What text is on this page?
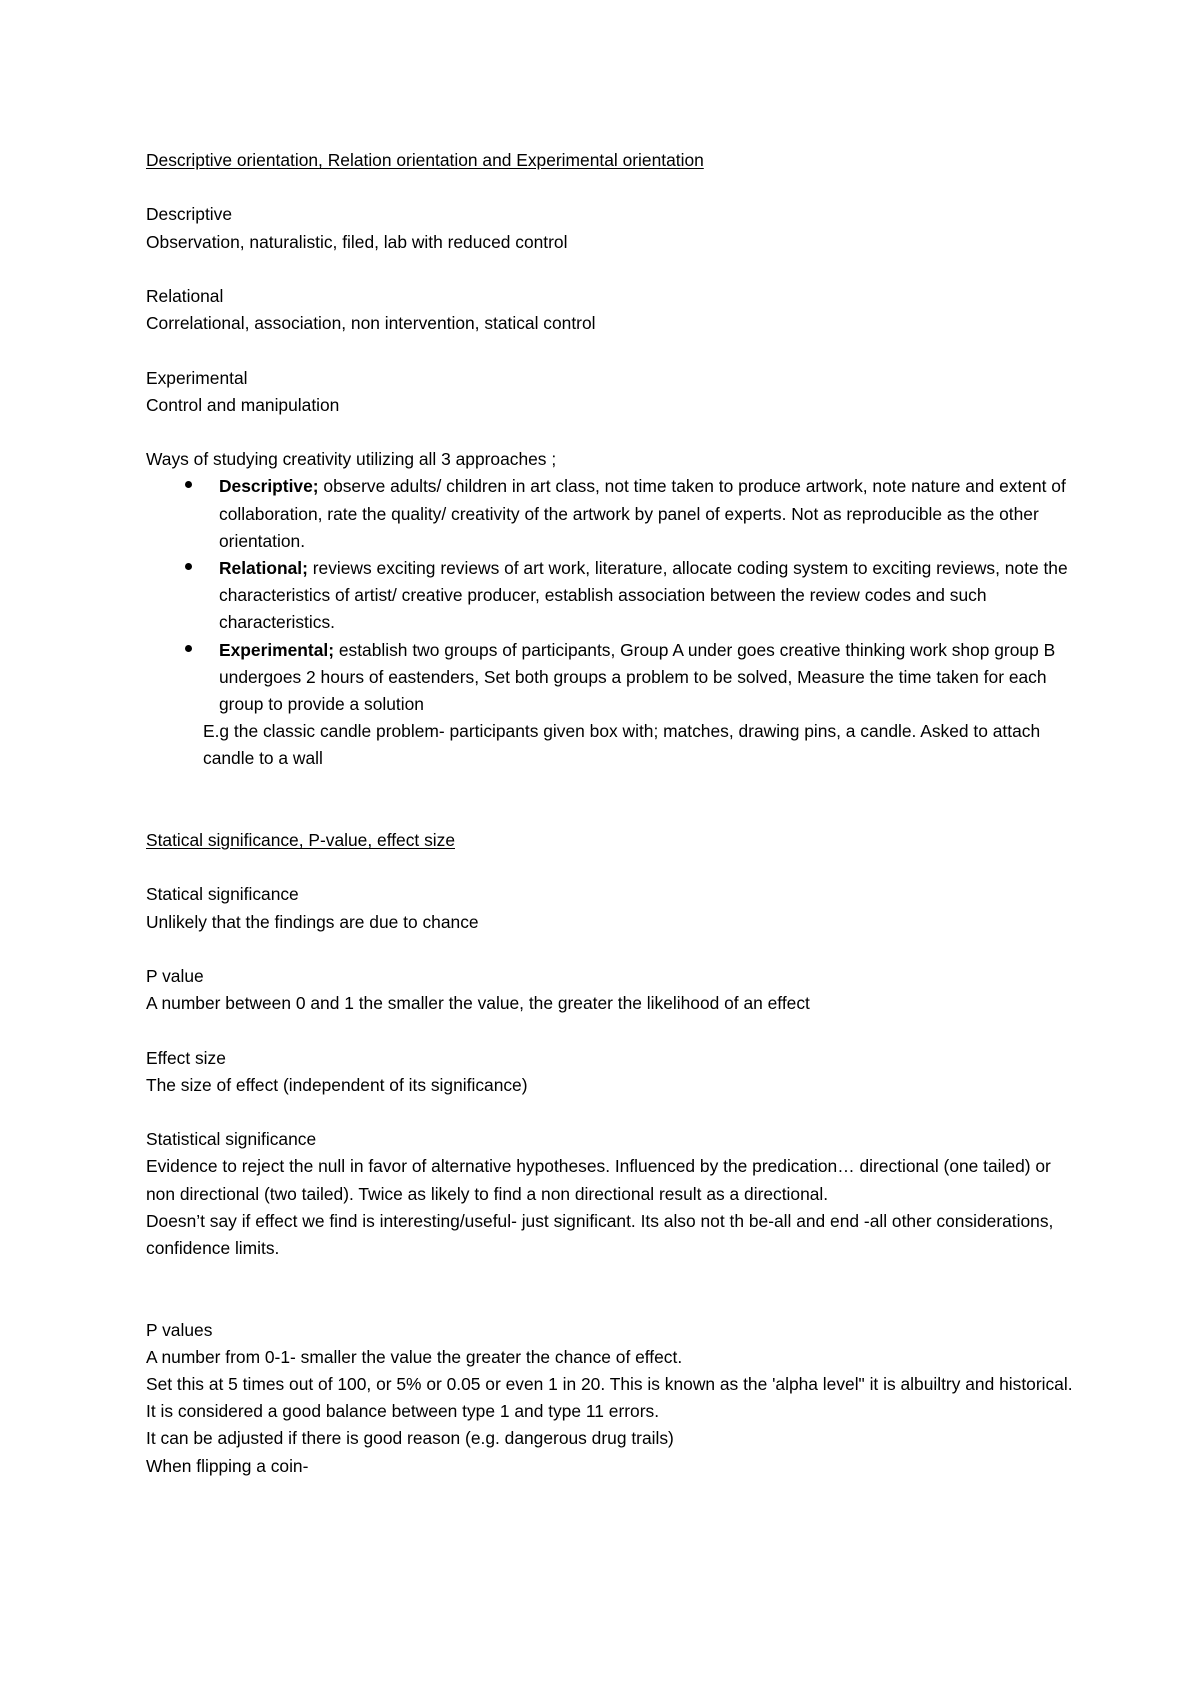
Descriptive orientation, Relation orientation and Experimental orientation

Descriptive

Observation, naturalistic, filed, lab with reduced control

Relational

Correlational, association, non intervention, statical control

Experimental

Control and manipulation

Ways of studying creativity utilizing all 3 approaches ;

Descriptive; observe adults/ children in art class, not time taken to produce artwork, note nature and extent of collaboration, rate the quality/ creativity of the artwork by panel of experts. Not as reproducible as the other orientation.
Relational; reviews exciting reviews of art work, literature, allocate coding system to exciting reviews, note the characteristics of artist/ creative producer, establish association between the review codes and such characteristics.
Experimental; establish two groups of participants, Group A under goes creative thinking work shop group B undergoes 2 hours of eastenders, Set both groups a problem to be solved, Measure the time taken for each group to provide a solution

E.g the classic candle problem- participants given box with; matches, drawing pins, a candle. Asked to attach candle to a wall

Statical significance, P-value, effect size

Statical significance

Unlikely that the findings are due to chance

P value

A number between 0 and 1 the smaller the value, the greater the likelihood of an effect

Effect size

The size of effect (independent of its significance)

Statistical significance

Evidence to reject the null in favor of alternative hypotheses. Influenced by the predication… directional (one tailed) or non directional (two tailed). Twice as likely to find a non directional result as a directional.

Doesn’t say if effect we find is interesting/useful- just significant. Its also not th be-all and end -all other considerations, confidence limits.

P values

A number from 0-1- smaller the value the greater the chance of effect.

Set this at 5 times out of 100, or 5% or 0.05 or even 1 in 20. This is known as the 'alpha level" it is albuiltry and historical.

It is considered a good balance between type 1 and type 11 errors.

It can be adjusted if there is good reason (e.g. dangerous drug trails)

When flipping a coin-
